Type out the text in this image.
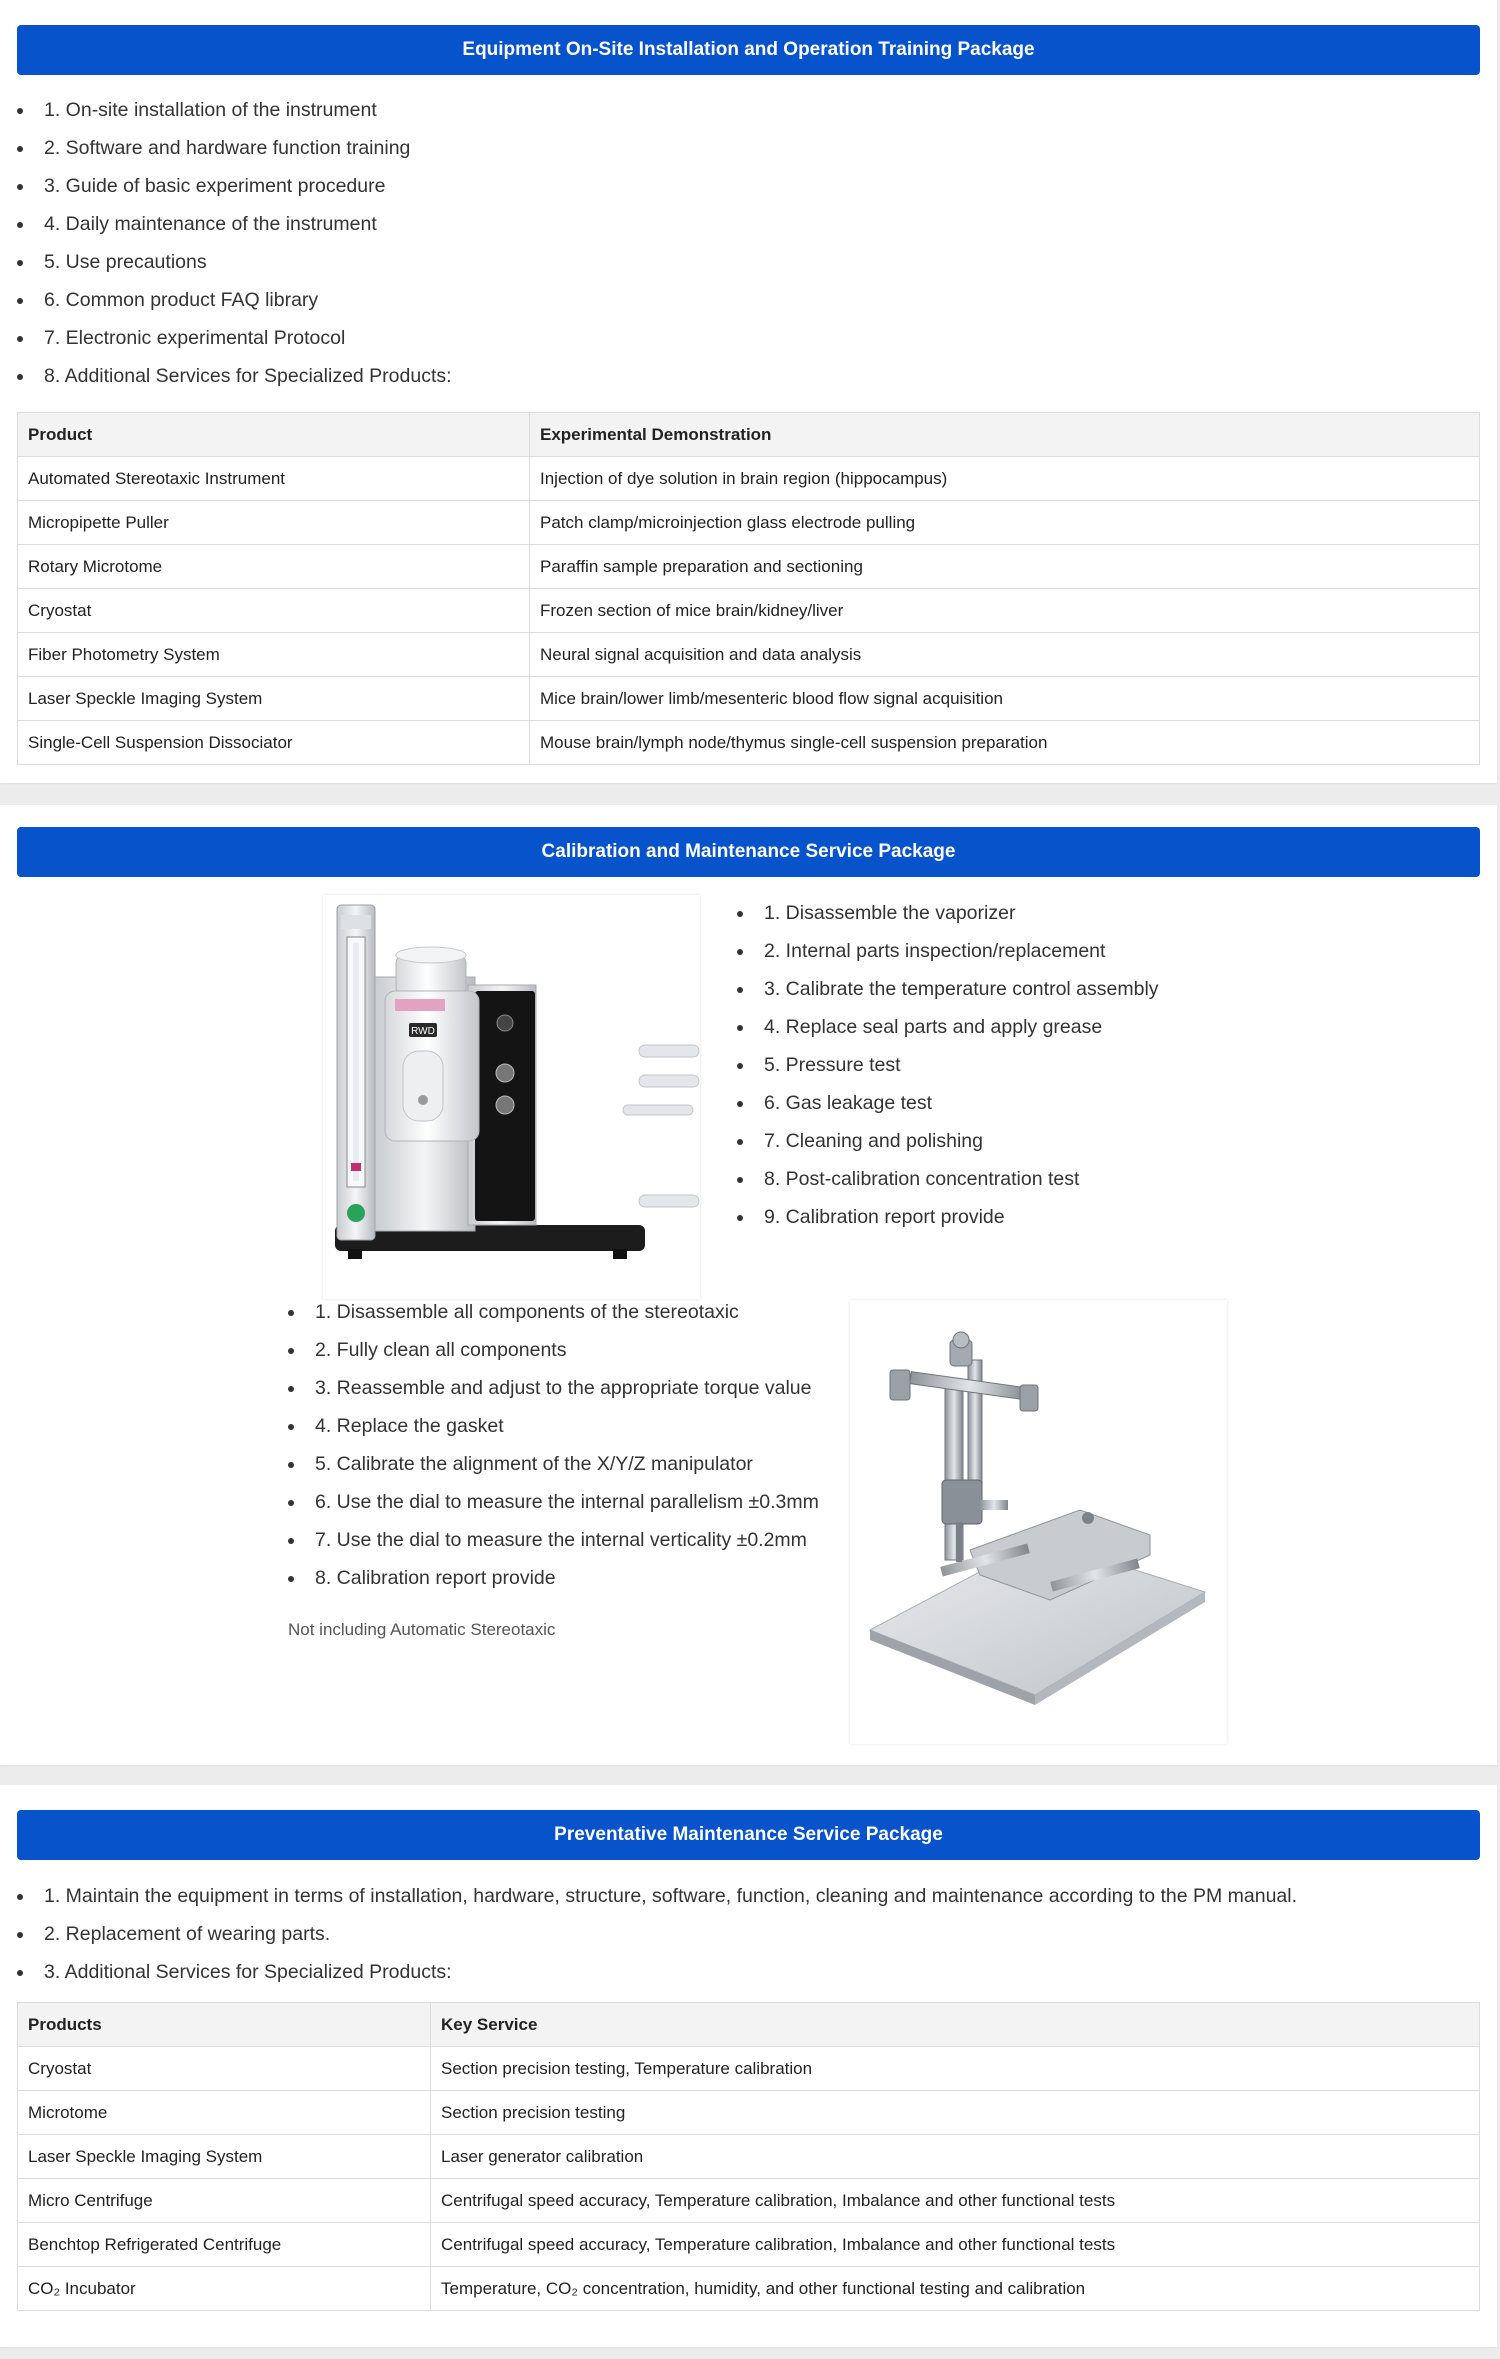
Equipment On-Site Installation and Operation Training Package
1. On-site installation of the instrument
2. Software and hardware function training
3. Guide of basic experiment procedure
4. Daily maintenance of the instrument
5. Use precautions
6. Common product FAQ library
7. Electronic experimental Protocol
8. Additional Services for Specialized Products:
Product	Experimental Demonstration
Automated Stereotaxic Instrument	Injection of dye solution in brain region (hippocampus)
Micropipette Puller	Patch clamp/microinjection glass electrode pulling
Rotary Microtome	Paraffin sample preparation and sectioning
Cryostat	Frozen section of mice brain/kidney/liver
Fiber Photometry System	Neural signal acquisition and data analysis
Laser Speckle Imaging System	Mice brain/lower limb/mesenteric blood flow signal acquisition
Single-Cell Suspension Dissociator	Mouse brain/lymph node/thymus single-cell suspension preparation
Calibration and Maintenance Service Package
RWD
1. Disassemble the vaporizer
2. Internal parts inspection/replacement
3. Calibrate the temperature control assembly
4. Replace seal parts and apply grease
5. Pressure test
6. Gas leakage test
7. Cleaning and polishing
8. Post-calibration concentration test
9. Calibration report provide
1. Disassemble all components of the stereotaxic
2. Fully clean all components
3. Reassemble and adjust to the appropriate torque value
4. Replace the gasket
5. Calibrate the alignment of the X/Y/Z manipulator
6. Use the dial to measure the internal parallelism ±0.3mm
7. Use the dial to measure the internal verticality ±0.2mm
8. Calibration report provide
Not including Automatic Stereotaxic
Preventative Maintenance Service Package
1. Maintain the equipment in terms of installation, hardware, structure, software, function, cleaning and maintenance according to the PM manual.
2. Replacement of wearing parts.
3. Additional Services for Specialized Products:
Products	Key Service
Cryostat	Section precision testing, Temperature calibration
Microtome	Section precision testing
Laser Speckle Imaging System	Laser generator calibration
Micro Centrifuge	Centrifugal speed accuracy, Temperature calibration, Imbalance and other functional tests
Benchtop Refrigerated Centrifuge	Centrifugal speed accuracy, Temperature calibration, Imbalance and other functional tests
CO₂ Incubator	Temperature, CO₂ concentration, humidity, and other functional testing and calibration
